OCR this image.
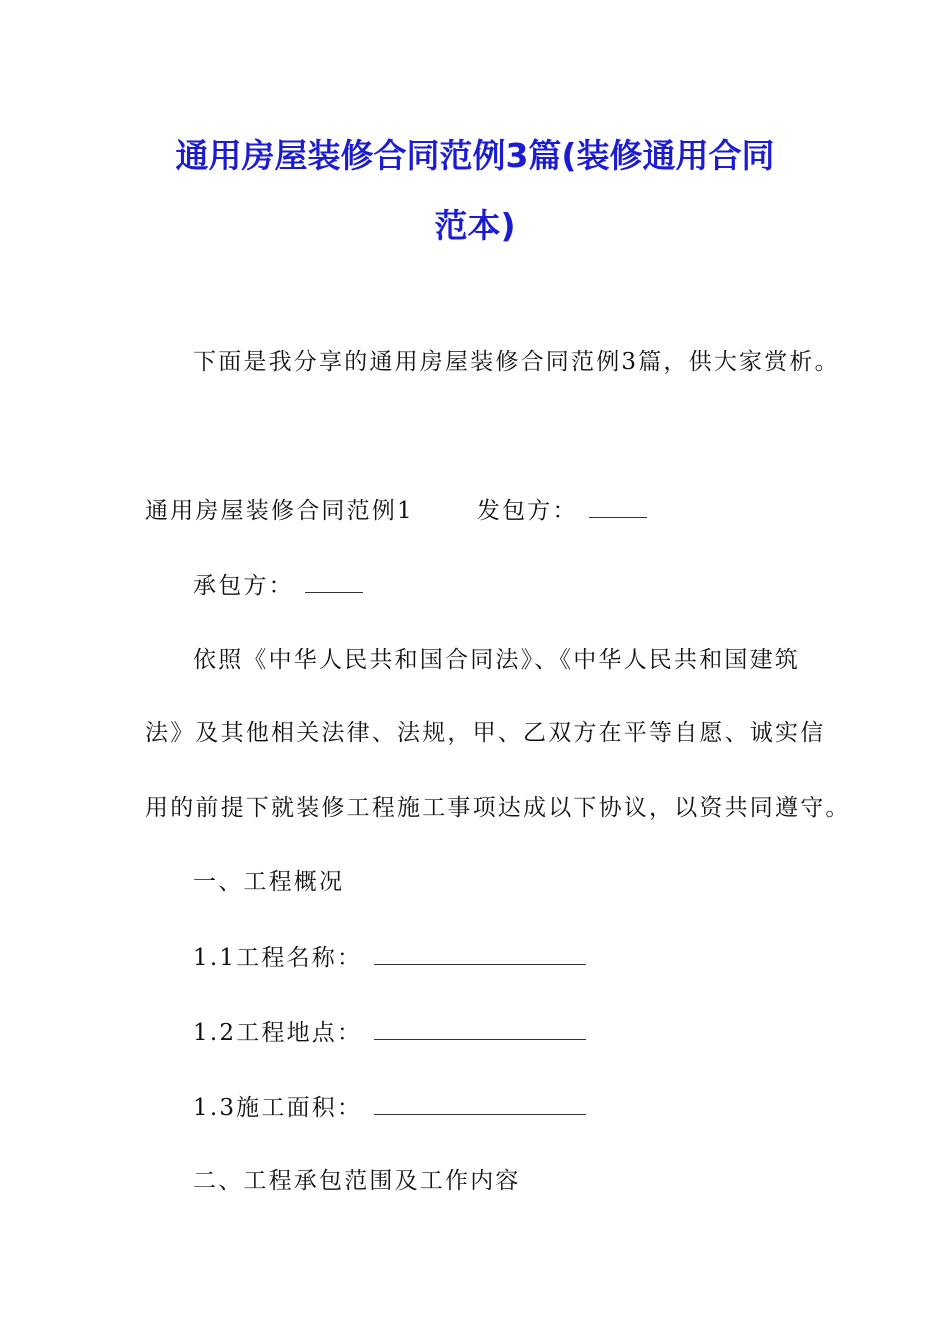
通用房屋装修合同范例3篇(装修通用合同
范本)
下面是我分享的通用房屋装修合同范例3篇，供大家赏析。
通用房屋装修合同范例1	发包方：
承包方：
依照《中华人民共和国合同法》、《中华人民共和国建筑
法》及其他相关法律、法规，甲、乙双方在平等自愿、诚实信
用的前提下就装修工程施工事项达成以下协议，以资共同遵守。
一、工程概况
1.1工程名称：
1.2工程地点：
1.3施工面积：
二、工程承包范围及工作内容
